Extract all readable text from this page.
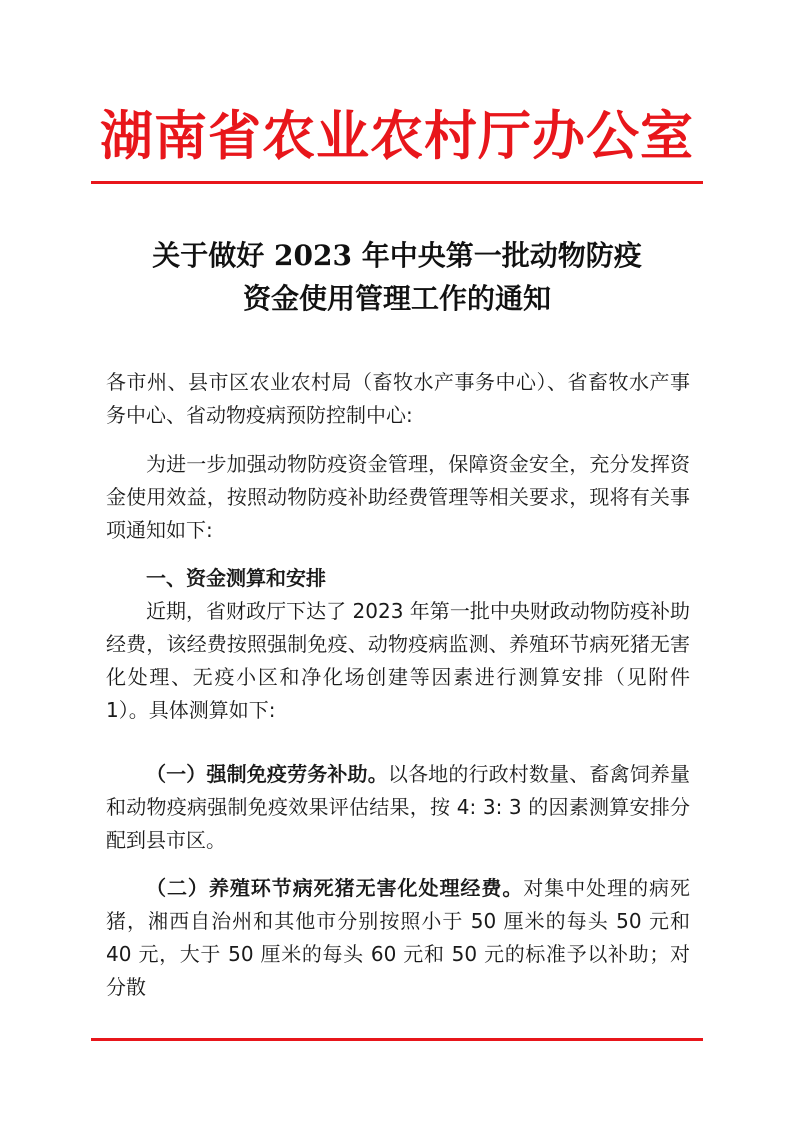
湖南省农业农村厅办公室
关于做好 2023 年中央第一批动物防疫
资金使用管理工作的通知

各市州、县市区农业农村局（畜牧水产事务中心）、省畜牧水产事务中心、省动物疫病预防控制中心:

为进一步加强动物防疫资金管理，保障资金安全，充分发挥资金使用效益，按照动物防疫补助经费管理等相关要求，现将有关事项通知如下:

一、资金测算和安排

近期，省财政厅下达了 2023 年第一批中央财政动物防疫补助经费，该经费按照强制免疫、动物疫病监测、养殖环节病死猪无害化处理、无疫小区和净化场创建等因素进行测算安排（见附件 1）。具体测算如下:

（一）强制免疫劳务补助。以各地的行政村数量、畜禽饲养量和动物疫病强制免疫效果评估结果，按 4: 3: 3 的因素测算安排分配到县市区。

（二）养殖环节病死猪无害化处理经费。对集中处理的病死猪，湘西自治州和其他市分别按照小于 50 厘米的每头 50 元和 40 元，大于 50 厘米的每头 60 元和 50 元的标准予以补助；对分散
